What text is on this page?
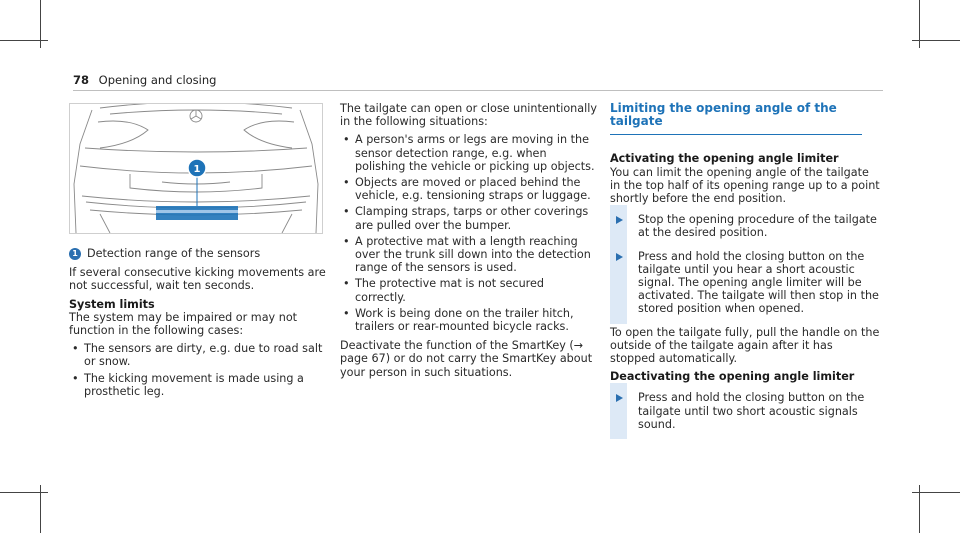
78 Opening and closing
1
1 Detection range of the sensors

If several consecutive kicking movements are not successful, wait ten seconds.

System limits

The system may be impaired or may not function in the following cases:

• The sensors are dirty, e.g. due to road salt or snow.
• The kicking movement is made using a prosthetic leg.

The tailgate can open or close unintentionally in the following situations:

• A person's arms or legs are moving in the sensor detection range, e.g. when polishing the vehicle or picking up objects.
• Objects are moved or placed behind the vehicle, e.g. tensioning straps or luggage.
• Clamping straps, tarps or other coverings are pulled over the bumper.
• A protective mat with a length reaching over the trunk sill down into the detection range of the sensors is used.
• The protective mat is not secured correctly.
• Work is being done on the trailer hitch, trailers or rear-mounted bicycle racks.

Deactivate the function of the SmartKey (→ page 67) or do not carry the SmartKey about your person in such situations.

Limiting the opening angle of the tailgate

Activating the opening angle limiter

You can limit the opening angle of the tailgate in the top half of its opening range up to a point shortly before the end position.

Stop the opening procedure of the tailgate at the desired position.
Press and hold the closing button on the tailgate until you hear a short acoustic signal. The opening angle limiter will be activated. The tailgate will then stop in the stored position when opened.

To open the tailgate fully, pull the handle on the outside of the tailgate again after it has stopped automatically.

Deactivating the opening angle limiter

Press and hold the closing button on the tailgate until two short acoustic signals sound.
